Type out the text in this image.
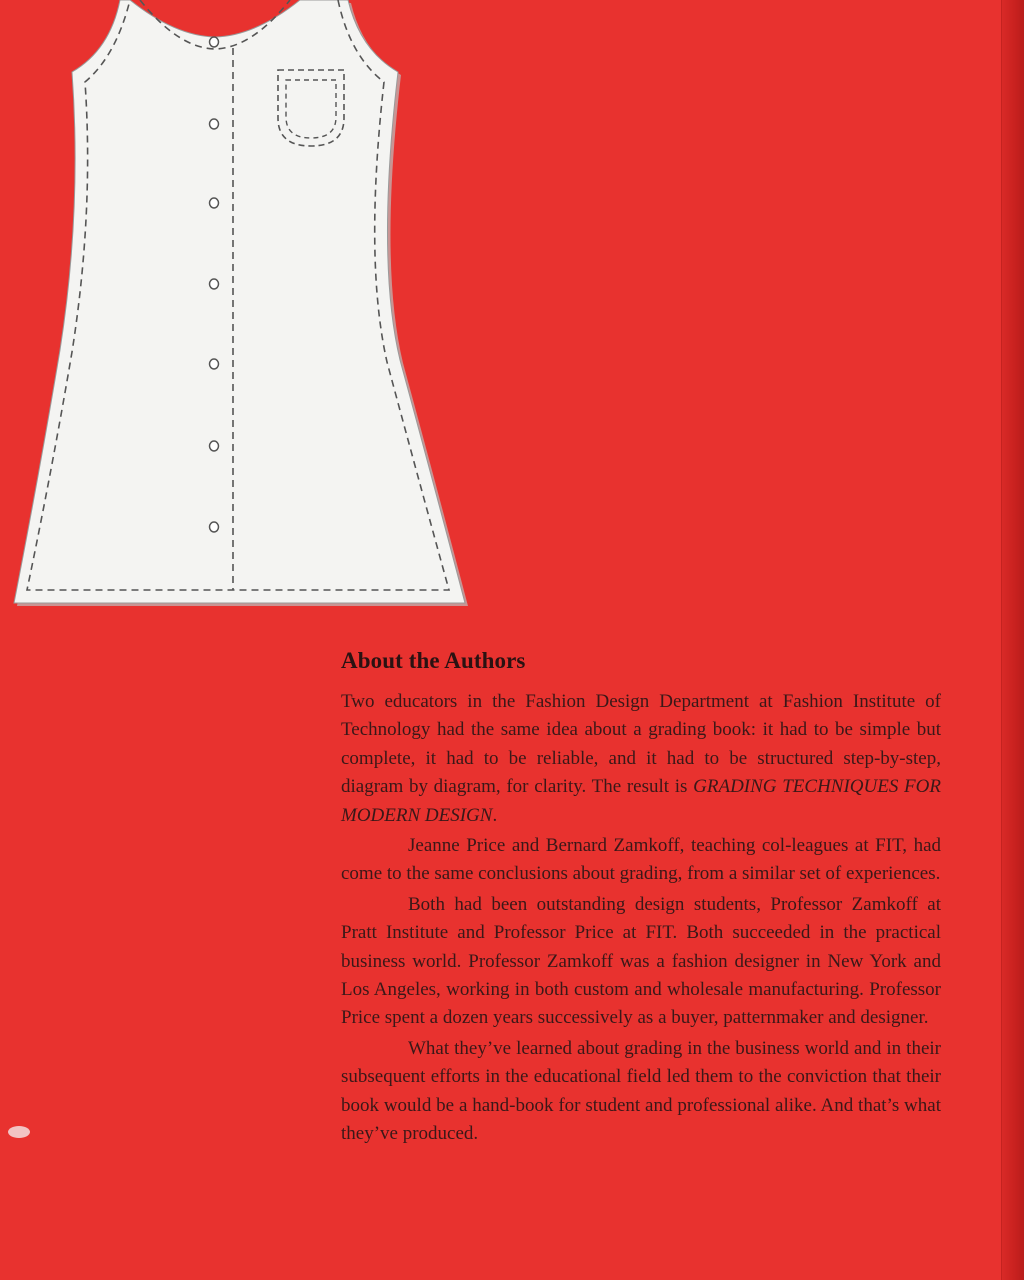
About the Authors

Two educators in the Fashion Design Department at Fashion Institute of Technology had the same idea about a grading book: it had to be simple but complete, it had to be reliable, and it had to be structured step-by-step, diagram by diagram, for clarity. The result is GRADING TECHNIQUES FOR MODERN DESIGN.

Jeanne Price and Bernard Zamkoff, teaching col-leagues at FIT, had come to the same conclusions about grading, from a similar set of experiences.

Both had been outstanding design students, Professor Zamkoff at Pratt Institute and Professor Price at FIT. Both succeeded in the practical business world. Professor Zamkoff was a fashion designer in New York and Los Angeles, working in both custom and wholesale manufacturing. Professor Price spent a dozen years successively as a buyer, patternmaker and designer.

What they’ve learned about grading in the business world and in their subsequent efforts in the educational field led them to the conviction that their book would be a hand-book for student and professional alike. And that’s what they’ve produced.
